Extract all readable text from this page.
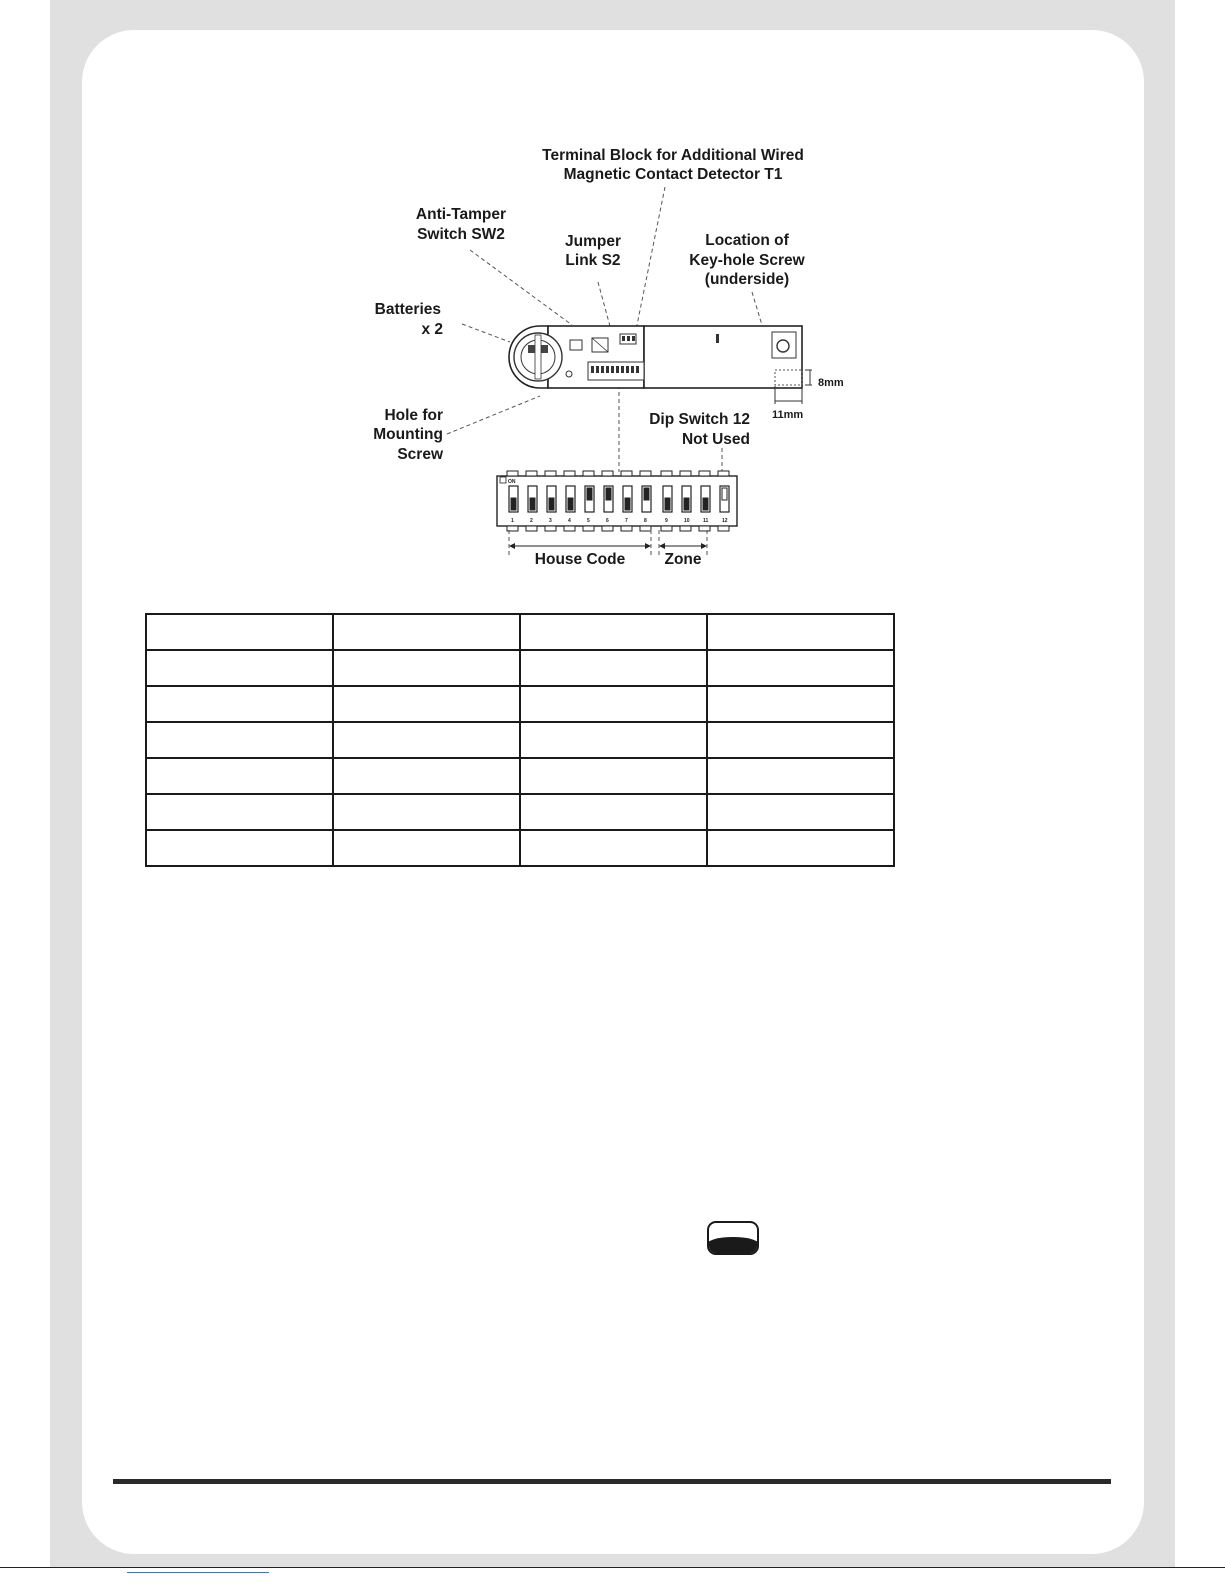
1	2	3	4	5	6	7	8	9	10	11	12
ON
Terminal Block for Additional Wired
Magnetic Contact Detector T1
Anti-Tamper
Switch SW2	Jumper
Link S2
Location of
Key-hole Screw
(underside)
Batteries
x 2
Hole for
Mounting
Screw
8mm
11mm
Dip Switch 12
Not Used
House Code	Zone
